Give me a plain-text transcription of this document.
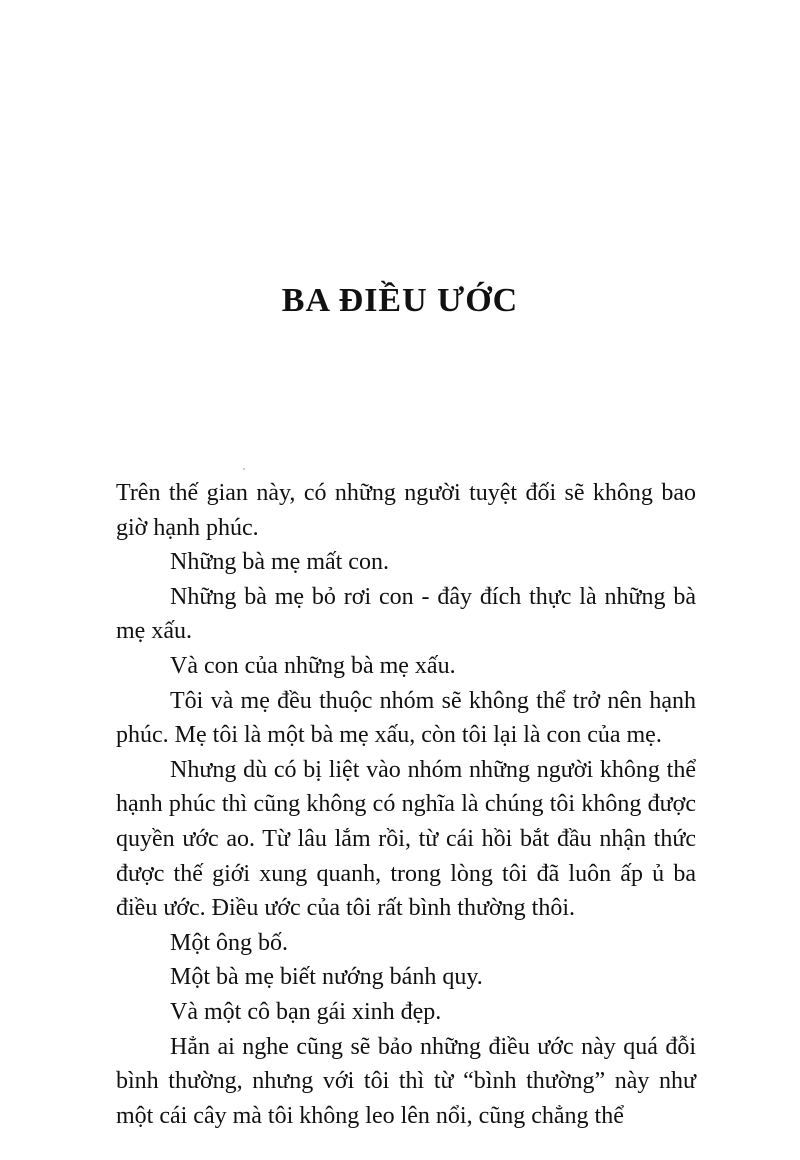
BA ĐIỀU ƯỚC

Trên thế gian này, có những người tuyệt đối sẽ không bao giờ hạnh phúc.

Những bà mẹ mất con.

Những bà mẹ bỏ rơi con - đây đích thực là những bà mẹ xấu.

Và con của những bà mẹ xấu.

Tôi và mẹ đều thuộc nhóm sẽ không thể trở nên hạnh phúc. Mẹ tôi là một bà mẹ xấu, còn tôi lại là con của mẹ.

Nhưng dù có bị liệt vào nhóm những người không thể hạnh phúc thì cũng không có nghĩa là chúng tôi không được quyền ước ao. Từ lâu lắm rồi, từ cái hồi bắt đầu nhận thức được thế giới xung quanh, trong lòng tôi đã luôn ấp ủ ba điều ước. Điều ước của tôi rất bình thường thôi.

Một ông bố.

Một bà mẹ biết nướng bánh quy.

Và một cô bạn gái xinh đẹp.

Hẳn ai nghe cũng sẽ bảo những điều ước này quá đỗi bình thường, nhưng với tôi thì từ “bình thường” này như một cái cây mà tôi không leo lên nổi, cũng chẳng thể
